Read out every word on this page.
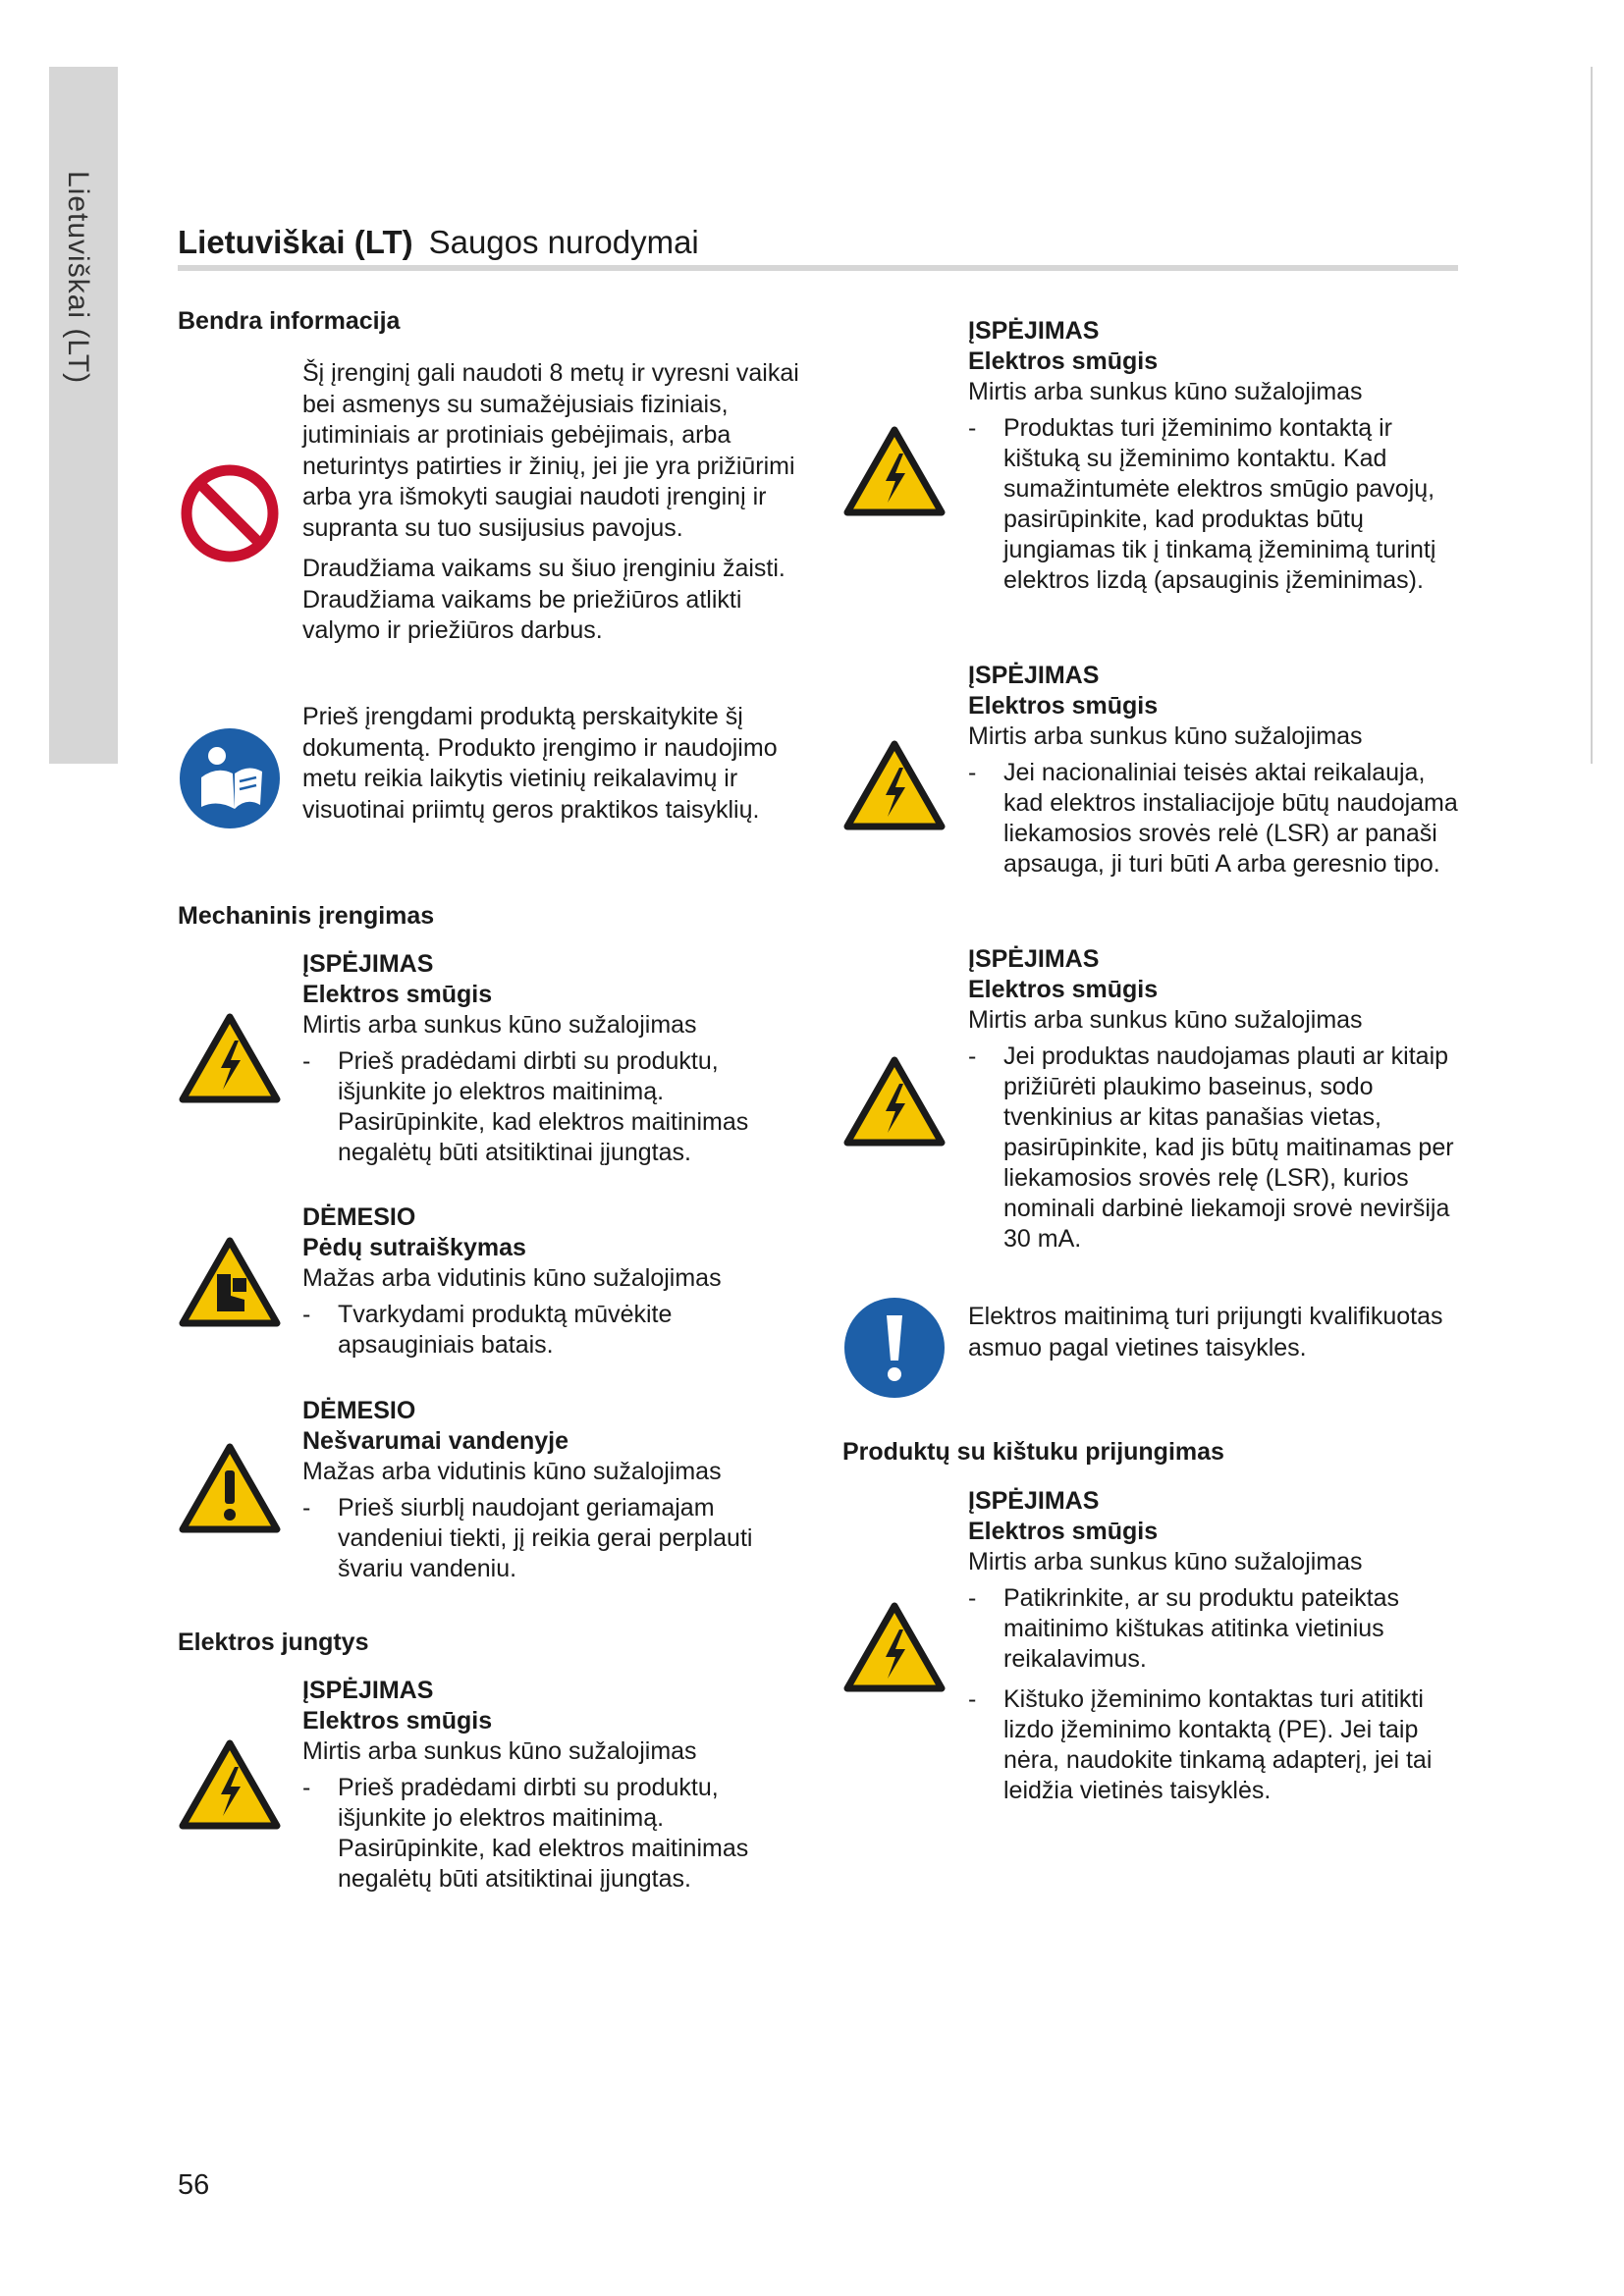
Lietuviškai (LT)	Lietuviškai (LT) Saugos nurodymai
Bendra informacija

Šį įrenginį gali naudoti 8 metų ir vyresni vaikai bei asmenys su sumažėjusiais fiziniais, jutiminiais ar protiniais gebėjimais, arba neturintys patirties ir žinių, jei jie yra prižiūrimi arba yra išmokyti saugiai naudoti įrenginį ir supranta su tuo susijusius pavojus.

Draudžiama vaikams su šiuo įrenginiu žaisti. Draudžiama vaikams be priežiūros atlikti valymo ir priežiūros darbus.

Prieš įrengdami produktą perskaitykite šį dokumentą. Produkto įrengimo ir naudojimo metu reikia laikytis vietinių reikalavimų ir visuotinai priimtų geros praktikos taisyklių.

Mechaninis įrengimas
ĮSPĖJIMAS
Elektros smūgis
Mirtis arba sunkus kūno sužalojimas
- Prieš pradėdami dirbti su produktu, išjunkite jo elektros maitinimą. Pasirūpinkite, kad elektros maitinimas negalėtų būti atsitiktinai įjungtas.
DĖMESIO
Pėdų sutraiškymas
Mažas arba vidutinis kūno sužalojimas
- Tvarkydami produktą mūvėkite apsauginiais batais.
DĖMESIO
Nešvarumai vandenyje
Mažas arba vidutinis kūno sužalojimas
- Prieš siurblį naudojant geriamajam vandeniui tiekti, jį reikia gerai perplauti švariu vandeniu.
Elektros jungtys
ĮSPĖJIMAS
Elektros smūgis
Mirtis arba sunkus kūno sužalojimas
- Prieš pradėdami dirbti su produktu, išjunkite jo elektros maitinimą. Pasirūpinkite, kad elektros maitinimas negalėtų būti atsitiktinai įjungtas.
ĮSPĖJIMAS
Elektros smūgis
Mirtis arba sunkus kūno sužalojimas
- Produktas turi įžeminimo kontaktą ir kištuką su įžeminimo kontaktu. Kad sumažintumėte elektros smūgio pavojų, pasirūpinkite, kad produktas būtų jungiamas tik į tinkamą įžeminimą turintį elektros lizdą (apsauginis įžeminimas).
ĮSPĖJIMAS
Elektros smūgis
Mirtis arba sunkus kūno sužalojimas
- Jei nacionaliniai teisės aktai reikalauja, kad elektros instaliacijoje būtų naudojama liekamosios srovės relė (LSR) ar panaši apsauga, ji turi būti A arba geresnio tipo.
ĮSPĖJIMAS
Elektros smūgis
Mirtis arba sunkus kūno sužalojimas
- Jei produktas naudojamas plauti ar kitaip prižiūrėti plaukimo baseinus, sodo tvenkinius ar kitas panašias vietas, pasirūpinkite, kad jis būtų maitinamas per liekamosios srovės relę (LSR), kurios nominali darbinė liekamoji srovė neviršija 30 mA.

Elektros maitinimą turi prijungti kvalifikuotas asmuo pagal vietines taisykles.

Produktų su kištuku prijungimas
ĮSPĖJIMAS
Elektros smūgis
Mirtis arba sunkus kūno sužalojimas
- Patikrinkite, ar su produktu pateiktas maitinimo kištukas atitinka vietinius reikalavimus.
- Kištuko įžeminimo kontaktas turi atitikti lizdo įžeminimo kontaktą (PE). Jei taip nėra, naudokite tinkamą adapterį, jei tai leidžia vietinės taisyklės.
56
